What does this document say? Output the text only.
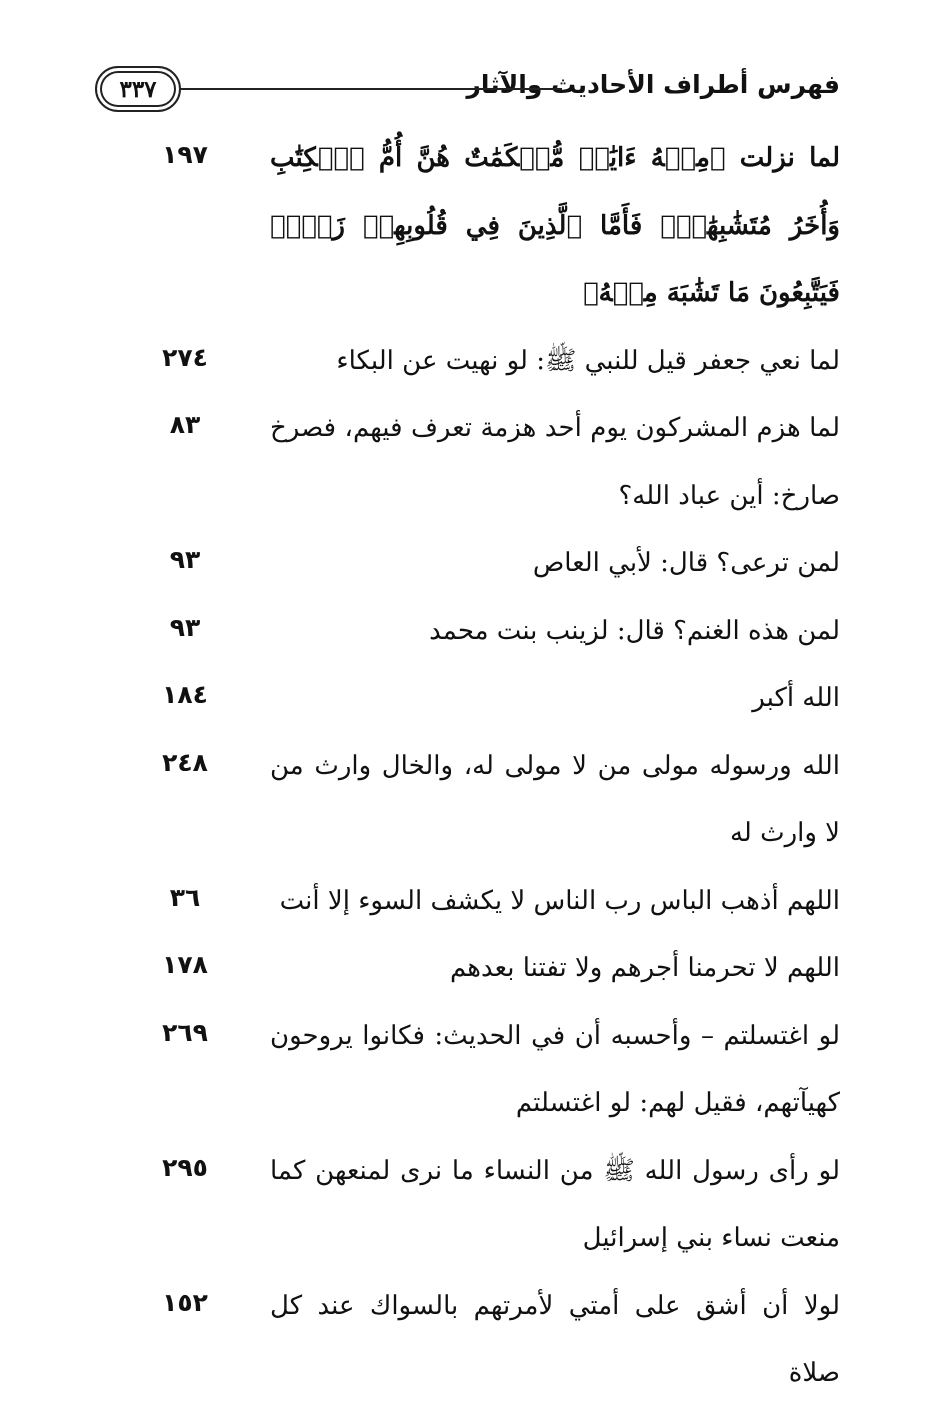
فهرس أطراف الأحاديث والآثار
٣٣٧
لما نزلت ﴿مِنۡهُ ءَايَٰتٞ مُّحۡكَمَٰتٌ هُنَّ أُمُّ ٱلۡكِتَٰبِ وَأُخَرُ مُتَشَٰبِهَٰتٞۖ فَأَمَّا ٱلَّذِينَ فِي قُلُوبِهِمۡ زَيۡغٞ فَيَتَّبِعُونَ مَا تَشَٰبَهَ مِنۡهُ﴾
١٩٧
لما نعي جعفر قيل للنبي ﷺ: لو نهيت عن البكاء
٢٧٤
لما هزم المشركون يوم أحد هزمة تعرف فيهم، فصرخ صارخ: أين عباد الله؟
٨٣
لمن ترعى؟ قال: لأبي العاص
٩٣
لمن هذه الغنم؟ قال: لزينب بنت محمد
٩٣
الله أكبر
١٨٤
الله ورسوله مولى من لا مولى له، والخال وارث من لا وارث له
٢٤٨
اللهم أذهب الباس رب الناس لا يكشف السوء إلا أنت
٣٦
اللهم لا تحرمنا أجرهم ولا تفتنا بعدهم
١٧٨
لو اغتسلتم – وأحسبه أن في الحديث: فكانوا يروحون كهيآتهم، فقيل لهم: لو اغتسلتم
٢٦٩
لو رأى رسول الله ﷺ من النساء ما نرى لمنعهن كما منعت نساء بني إسرائيل
٢٩٥
لولا أن أشق على أمتي لأمرتهم بالسواك عند كل صلاة
١٥٢
